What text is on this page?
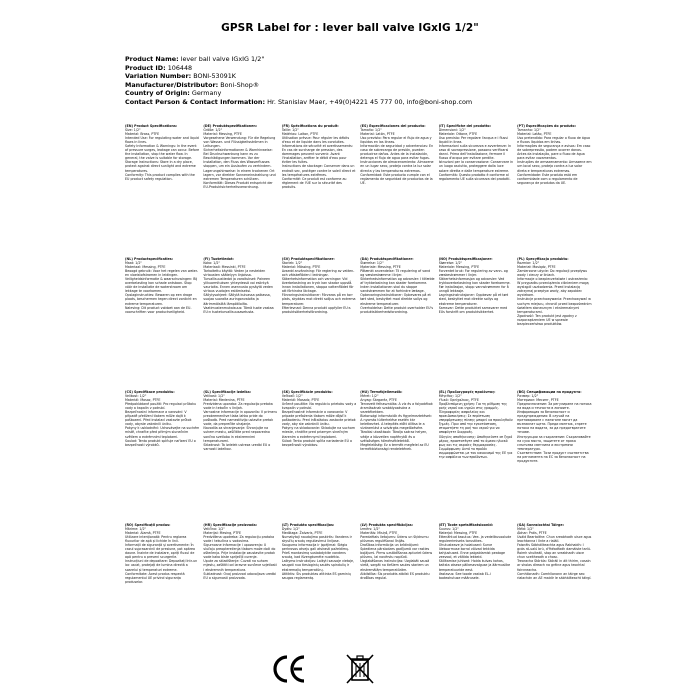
GPSR Label for : lever ball valve IGxIG 1/2"
Product Name: lever ball valve IGxIG 1/2"
Product ID: 106448
Variation Number: BONI-53091K
Manufacturer/Distributor: Boni-Shop®
Country of Origin: Germany
Contact Person & Contact Information: Hr. Stanislav Maer, +49(0)4221 45 777 00, info@boni-shop.com
(EN) Product Specifications:

Size: 1/2"

Material: Brass, PTFE

Intended Use: For regulating water and liquid flows in lines.

Safety Information & Warnings: In the event of pressure surges, leakage can occur. Before the installation, stop the water flow. In general, the valve is suitable for storage.

Storage Instructions: Store in a dry place, protect against direct sunlight and extreme temperatures.

Conformity: This product complies with the EU product safety regulation.

(DE) Produktspezifikationen:

Größe: 1/2"

Material: Messing, PTFE

Vorgesehene Verwendung: Für die Regelung von Wasser- und Flüssigkeitsströmen in Leitungen.

Sicherheitsinformationen & Warnhinweise: Bei Druckschwankung kann es zu Beschädigungen kommen. Vor der Installation, den Fluss des Wasserflusses stoppen, um ein Auslaufen zu verhindern.

Lagerungshinweise: In einem trockenen Ort lagern, vor direkter Sonneneinstrahlung und extremen Temperaturen schützen.

Konformität: Dieses Produkt entspricht der EU-Produktsicherheitsverordnung.

(FR) Spécifications du produit:

Taille: 1/2"

Matériau: Laiton, PTFE

Utilisation prévue: Pour réguler les débits d'eau et de liquide dans les conduites.

Informations de sécurité et avertissements: En cas de surcharge de pression, des dommages peuvent survenir. Avant l'installation, arrêter le débit d'eau pour éviter les fuites.

Instructions de stockage: Conserver dans un endroit sec, protéger contre le soleil direct et les températures extrêmes.

Conformité: Ce produit est conforme au règlement de l'UE sur la sécurité des produits.

(ES) Especificaciones del producto:

Tamaño: 1/2"

Material: Latón, PTFE

Uso previsto: Para regular el flujo de agua y líquidos en las líneas.

Información de seguridad y advertencias: En caso de sobrecarga de presión, pueden producirse daños. Antes de la instalación, detenga el flujo de agua para evitar fugas.

Instrucciones de almacenamiento: Almacene en un lugar seco, proteja contra la luz solar directa y las temperaturas extremas.

Conformidad: Este producto cumple con el reglamento de seguridad de productos de la UE.

(IT) Specifiche del prodotto:

Dimensioni: 1/2"

Materiale: Ottone, PTFE

Uso previsto: Per regolare l'acqua e i flussi liquidi in linea.

Informazioni sulla sicurezza e avvertenze: In caso di sovrapressione, possono verificarsi danni. Prima dell'installazione, fermare il flusso d'acqua per evitare perdite.

Istruzioni per la conservazione: Conservare in un luogo asciutto, proteggere dalla luce solare diretta e dalle temperature estreme.

Conformità: Questo prodotto è conforme al regolamento UE sulla sicurezza dei prodotti.

(PT) Especificações do produto:

Tamanho: 1/2"

Material: Latão, PTFE

Uso pretendido: Para regular o fluxo de água e fluxos líquidos em linhas.

Informações de segurança e avisos: Em caso de sobrepressão, podem ocorrer danos. Antes da instalação, pare o fluxo de água para evitar vazamentos.

Instruções de armazenamento: Armazene em um local seco, proteja contra a luz solar direta e temperaturas extremas.

Conformidade: Este produto está em conformidade com o regulamento de segurança de produtos da UE.

(NL) Productspecificaties:

Maat: 1/2"

Materiaal: Messing, PTFE

Beoogd gebruik: Voor het regelen van water- en vloeistofstromen in leidingen.

Veiligheidsinformatie & waarschuwingen: Bij overbelasting kan schade ontstaan. Stop vóór de installatie de waterstroom om lekkage te voorkomen.

Opslaginstructies: Bewaren op een droge plaats, beschermen tegen direct zonlicht en extreme temperaturen.

Naleving: Dit product voldoet aan de EU-voorschriften voor productveiligheid.

(FI) Tuotetiedot:

Koko: 1/2"

Materiaali: Messinki, PTFE

Tarkoitettu käyttö: Veden ja nesteiden virtausten säätelyyn linjoissa.

Turvallisuustiedot ja varoitukset: Paineen ylikuormituksen yhteydessä voi esiintyä vaurioita. Ennen asennusta pysäytä veden virtaus vuotojen estämiseksi.

Säilytysohjeet: Säilytä kuivassa paikassa, suojaa suoralta auringonvalolta ja äärimmäisiltä lämpötiloilta.

Vaatimustenmukaisuus: Tämä tuote vastaa EU:n tuoteturvallisuusasetusta.

(SV) Produktspecifikationer:

Storlek: 1/2"

Material: Mässing, PTFE

Avsedd användning: För reglering av vatten- och vätskeflöden i ledningar.

Säkerhetsinformation och varningar: Vid överbelastning av tryck kan skador uppstå. Innan installationen, stoppa vattenflödet för att förhindra läckage.

Förvaringsinstruktioner: Förvaras på en torr plats, skyddas mot direkt solljus och extrema temperaturer.

Efterlevnad: Denna produkt uppfyller EU:s produktsäkerhetsförordning.

(DA) Produktspecifikationer:

Størrelse: 1/2"

Materiale: Messing, PTFE

Påtænkt anvendelse: Til regulering af vand og væskestrømme i linjer.

Sikkerhedsinformation og advarsler: I tilfælde af trykbelastning kan skader forekomme. Inden installationen skal du stoppe vandstrømmen for at forhindre lækage.

Opbevaringsinstruktioner: Opbevares på et tørt sted, beskyttet mod direkte sollys og ekstreme temperaturer.

Overholdelse: Dette produkt overholder EU's produktsikkerhedsforordning.

(NO) Produktspesifikasjoner:

Størrelse: 1/2"

Materiale: Messing, PTFE

Forventet bruk: For regulering av vann- og væskestrømmer i linjer.

Sikkerhetsinformasjon og advarsler: Ved trykkoverbelastning kan skader forekomme. Før installasjon, stopp vannstrømmen for å unngå lekkasje.

Lagringsinstruksjoner: Oppbevar på et tørt sted, beskyttet mot direkte sollys og ekstreme temperaturer.

Samsvar: Dette produktet samsvarer med EUs forskrift om produktsikkerhet.

(PL) Specyfikacja produktu:

Rozmiar: 1/2"

Materiał: Mosiądz, PTFE

Zamierzone użycie: Do regulacji przepływu wody i cieczy w liniach.

Informacje o bezpieczeństwie i ostrzeżenia: W przypadku przeciążenia ciśnieniem mogą wystąpić uszkodzenia. Przed instalacją zatrzymaj przepływ wody, aby zapobiec wyciekom.

Instrukcje przechowywania: Przechowywać w suchym miejscu, chronić przed bezpośrednim światłem słonecznym i ekstremalnymi temperaturami.

Zgodność: Ten produkt jest zgodny z rozporządzeniem UE w sprawie bezpieczeństwa produktów.

(CS) Specifikace produktu:

Velikost: 1/2"

Materiál: Mosaz, PTFE

Předpokládané použití: Pro regulaci průtoku vody a kapalin v potrubí.

Bezpečnostní informace a varování: V případě přetížení tlakem může dojít k poškození. Před instalací zastavte průtok vody, abyste zabránili úniku.

Pokyny k uskladnění: Uchovávejte na suchém místě, chraňte před přímým slunečním světlem a extrémními teplotami.

Soulad: Tento produkt splňuje nařízení EU o bezpečnosti výrobků.

(SL) Specifikacije izdelka:

Velikost: 1/2"

Material: Medenina, PTFE

Predvidena uporaba: Za regulacijo pretoka vode in tekočin v linijah.

Varnostne informacije in opozorila: V primeru preobremenitve tlaka lahko pride do poškodb. Pred namestitvijo ustavite pretok vode, da preprečite uhajanje.

Navodila za shranjevanje: Shranjujte na suhem mestu, zaščitite pred neposredno sončno svetlobo in ekstremnimi temperaturami.

Skladnost: Ta izdelek ustreza uredbi EU o varnosti izdelkov.

(SK) Špecifikácie produktu:

Veľkosť: 1/2"

Materiál: Mosadz, PTFE

Určené použitie: Na reguláciu prietoku vody a kvapalín v potrubí.

Bezpečnostné informácie a varovania: V prípade preťaženia tlakom môže dôjsť k poškodeniu. Pred inštaláciou zastavte prietok vody, aby ste zabránili úniku.

Pokyny na skladovanie: Skladujte na suchom mieste, chráňte pred priamym slnečným žiarením a extrémnymi teplotami.

Súlad: Tento produkt spĺňa nariadenie EÚ o bezpečnosti výrobkov.

(HU) Termékjellemzők:

Méret: 1/2"

Anyag: Sárgaréz, PTFE

Tervezett felhasználás: A víz és a folyadékok áramlásának szabályozására a vezetékekben.

Biztonsági információk és figyelmeztetések: A nyomás túlterhelése esetén kár keletkezhet. A telepítés előtt állítsa le a vízáramlást a szivárgás megelőzésére.

Tárolási utasítások: Tárolja száraz helyen, védje a közvetlen napfénytől és a szélsőséges hőmérsékletektől.

Megfelelőség: Ez a termék megfelel az EU termékbiztonsági rendeletének.

(EL) Προδιαγραφές προϊόντος:

Μέγεθος: 1/2"

Υλικό: Ορείχαλκος, PTFE

Προβλεπόμενη χρήση: Για τη ρύθμιση της ροής νερού και υγρών στις γραμμές.

Πληροφορίες ασφαλείας και προειδοποιήσεις: Σε περίπτωση υπερφόρτωσης πίεσης μπορεί να προκληθούν ζημιές. Πριν από την εγκατάσταση, σταματήστε τη ροή του νερού για να αποφύγετε διαρροές.

Οδηγίες αποθήκευσης: Αποθηκεύστε σε ξηρό μέρος, προστατέψτε από το άμεσο ηλιακό φως και τις ακραίες θερμοκρασίες.

Συμμόρφωση: Αυτό το προϊόν συμμορφώνεται με τον κανονισμό της ΕΕ για την ασφάλεια των προϊόντων.

(BG) Спецификации на продукта:

Размер: 1/2"

Материал: Месинг, PTFE

Предназначение: За регулиране на потока на вода и течности в линиите.

Информация за безопасност и предупреждения: В случай на претоварване с налягане могат да възникнат щети. Преди монтаж, спрете потока на водата, за да предотвратите течове.

Инструкции за съхранение: Съхранявайте на сухо място, защитете от пряка слънчева светлина и екстремни температури.

Съответствие: Този продукт съответства на регламента на ЕС за безопасност на продуктите.

(RO) Specificații produs:

Mărime: 1/2"

Material: Alamă, PTFE

Utilizare intenționată: Pentru reglarea fluxurilor de apă și lichide în linii.

Informații de siguranță și avertismente: În cazul suprasarcinii de presiune, pot apărea daune. Înainte de instalare, opriți fluxul de apă pentru a preveni scurgerile.

Instrucțiuni de depozitare: Depozitați într-un loc uscat, protejați de lumina directă a soarelui și temperaturi extreme.

Conformitate: Acest produs respectă regulamentul UE privind siguranța produselor.

(HR) Specifikacije proizvoda:

Veličina: 1/2"

Materijal: Mesing, PTFE

Predviđena upotreba: Za regulaciju protoka vode i tekućina u vodovima.

Sigurnosne informacije i upozorenja: U slučaju preopterećenja tlakom može doći do oštećenja. Prije instalacije zaustavite protok vode kako biste spriječili curenje.

Upute za skladištenje: Čuvati na suhom mjestu, zaštititi od izravne sunčeve svjetlosti i ekstremnih temperatura.

Sukladnost: Ovaj proizvod udovoljava uredbi EU o sigurnosti proizvoda.

(LT) Produkto specifikacijos:

Dydis: 1/2"

Medžiaga: Žalvaris, PTFE

Numatytoji naudojimo paskirtis: Vandens ir skysčių srautų reguliavimui linijose.

Saugumo informacija ir įspėjimai: Slėgio perkrovos atveju gali atsirasti pažeidimų. Prieš montavimą sustabdykite vandens srautą, kad išvengtumėte nuotėkio.

Laikymo instrukcijos: Laikyti sausoje vietoje, saugoti nuo tiesioginių saulės spindulių ir ekstremalių temperatūrų.

Atitiktis: Šis produktas atitinka ES gaminių saugos reglamentą.

(LV) Produkta specifikācijas:

Izmērs: 1/2"

Materiāls: Misiņš, PTFE

Paredzētais lietojums: Ūdens un šķidrumu plūsmas regulēšanai līnijās.

Drošības informācija un brīdinājumi: Spiediena pārslodzes gadījumā var rasties bojājumi. Pirms uzstādīšanas apturiet ūdens plūsmu, lai novērstu noplūdi.

Uzglabāšanas instrukcijas: Uzglabāt sausā vietā, sargāt no tiešiem saules stariem un ekstremālām temperatūrām.

Atbilstība: Šis produkts atbilst ES produktu drošības regulai.

(ET) Toote spetsifikatsioonid:

Suurus: 1/2"

Materjal: Messing, PTFE

Ettenähtud kasutus: Vee- ja vedelikuvoolude reguleerimiseks torustikes.

Ohutusteave ja hoiatused: Surve ülekoormuse korral võivad tekkida kahjustused. Enne paigaldamist peatage veevool, et vältida lekkeid.

Säilitamise juhised: Hoida kuivas kohas, kaitsta otsese päikesevalguse ja äärmuslike temperatuuride eest.

Vastavus: See toode vastab EL-i tooteohutuse määrusele.

(GA) Sonraíochtaí Táirge:

Méid: 1/2"

Ábhar: Práis, PTFE

Úsáid Beartaithe: Chun sreabhadh uisce agus leachtanna i línte a rialáil.

Faisnéis Sábháilteachta agus Rabhaidh: I gcás ró-ualú brú, d'fhéadfadh damáiste tarlú. Roimh shuiteáil, stop an sreabhadh uisce chun sceitheadh a chosc.

Treoracha Stórála: Stóráil in áit thirim, cosain ar sholas díreach na gréine agus teochtaí foircneacha.

Comhlíonadh: Comhlíonann an táirge seo rialachán an AE maidir le sábháilteacht táirgí.
